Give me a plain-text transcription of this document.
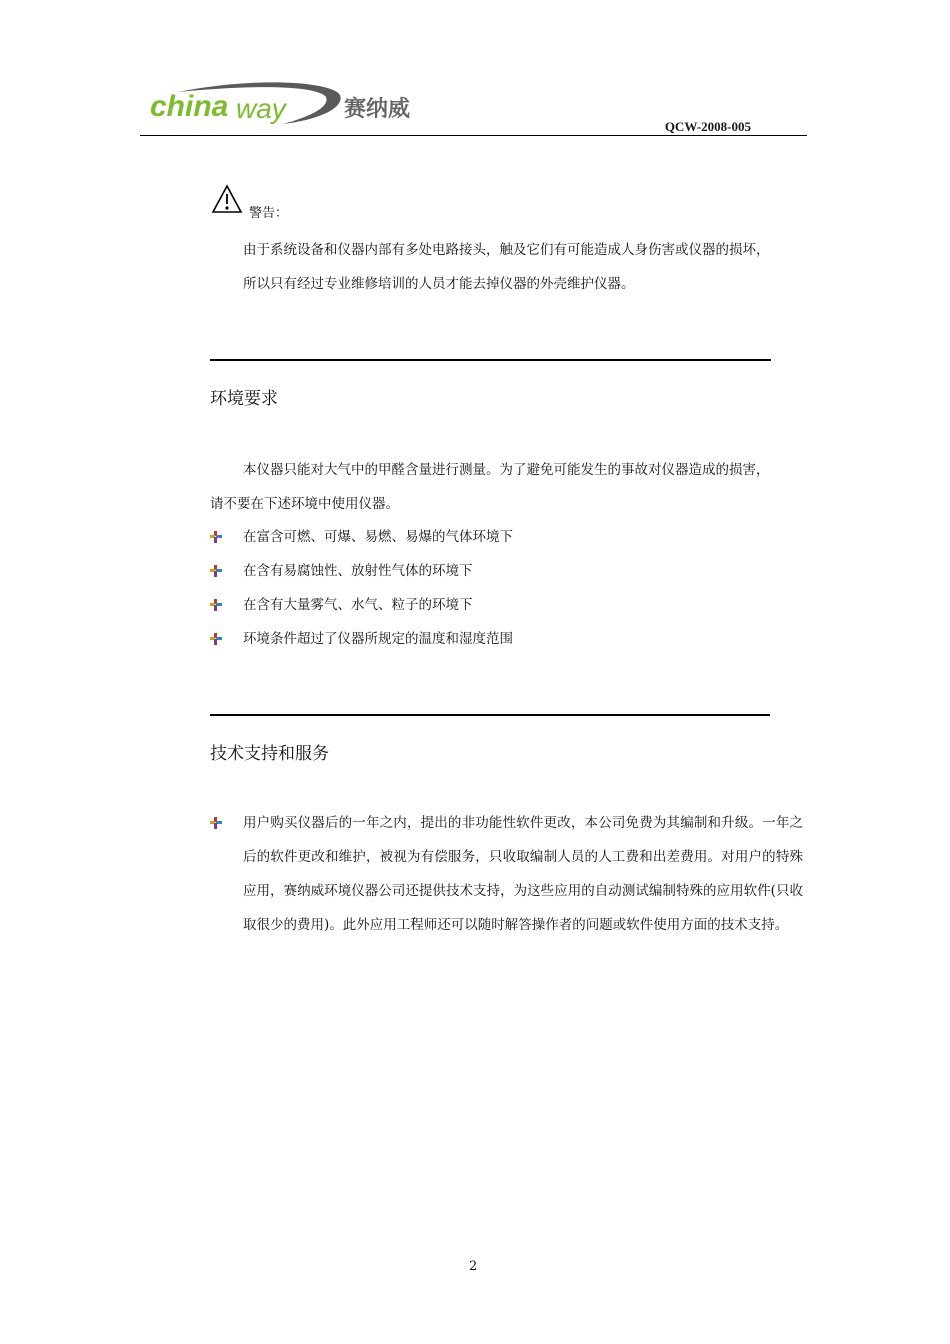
china way	赛纳威
QCW-2008-005
警告：
由于系统设备和仪器内部有多处电路接头，触及它们有可能造成人身伤害或仪器的损坏，
所以只有经过专业维修培训的人员才能去掉仪器的外壳维护仪器。
环境要求
本仪器只能对大气中的甲醛含量进行测量。为了避免可能发生的事故对仪器造成的损害，
请不要在下述环境中使用仪器。
在富含可燃、可爆、易燃、易爆的气体环境下
在含有易腐蚀性、放射性气体的环境下
在含有大量雾气、水气、粒子的环境下
环境条件超过了仪器所规定的温度和湿度范围
技术支持和服务
用户购买仪器后的一年之内，提出的非功能性软件更改，本公司免费为其编制和升级。一年之后的软件更改和维护，被视为有偿服务，只收取编制人员的人工费和出差费用。对用户的特殊应用，赛纳威环境仪器公司还提供技术支持，为这些应用的自动测试编制特殊的应用软件(只收取很少的费用)。此外应用工程师还可以随时解答操作者的问题或软件使用方面的技术支持。
2
